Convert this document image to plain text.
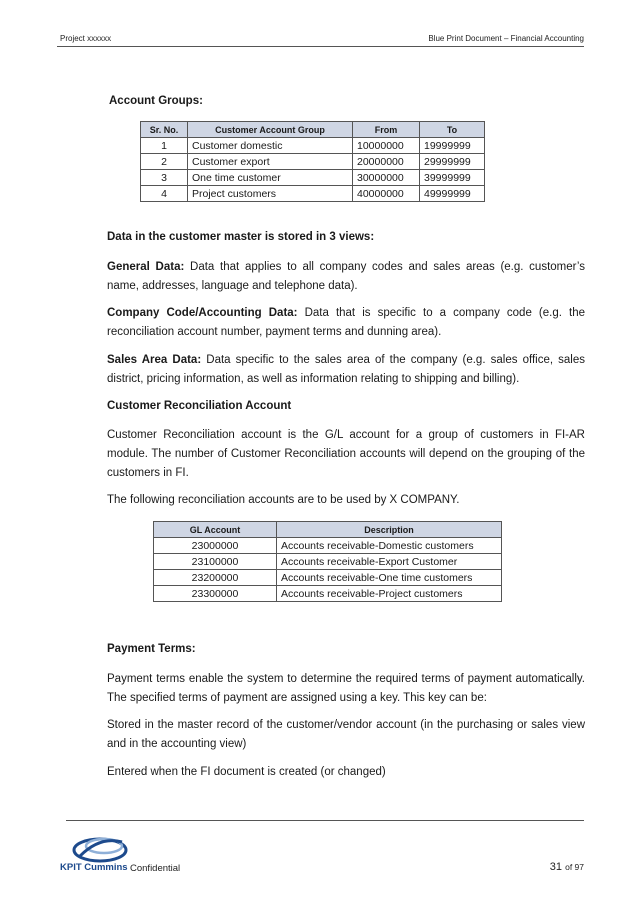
Project xxxxxx	Blue Print Document – Financial Accounting
Account Groups:
Sr. No.	Customer Account Group	From	To
1	Customer domestic	10000000	19999999
2	Customer export	20000000	29999999
3	One time customer	30000000	39999999
4	Project customers	40000000	49999999
Data in the customer master is stored in 3 views:
General Data: Data that applies to all company codes and sales areas (e.g. customer’s name, addresses, language and telephone data).
Company Code/Accounting Data: Data that is specific to a company code (e.g. the reconciliation account number, payment terms and dunning area).
Sales Area Data: Data specific to the sales area of the company (e.g. sales office, sales district, pricing information, as well as information relating to shipping and billing).
Customer Reconciliation Account
Customer Reconciliation account is the G/L account for a group of customers in FI-AR module. The number of Customer Reconciliation accounts will depend on the grouping of the customers in FI.
The following reconciliation accounts are to be used by X COMPANY.
GL Account	Description
23000000	Accounts receivable-Domestic customers
23100000	Accounts receivable-Export Customer
23200000	Accounts receivable-One time customers
23300000	Accounts receivable-Project customers
Payment Terms:
Payment terms enable the system to determine the required terms of payment automatically. The specified terms of payment are assigned using a key. This key can be:
Stored in the master record of the customer/vendor account (in the purchasing or sales view and in the accounting view)
Entered when the FI document is created (or changed)
KPIT Cummins Confidential	31 of 97
